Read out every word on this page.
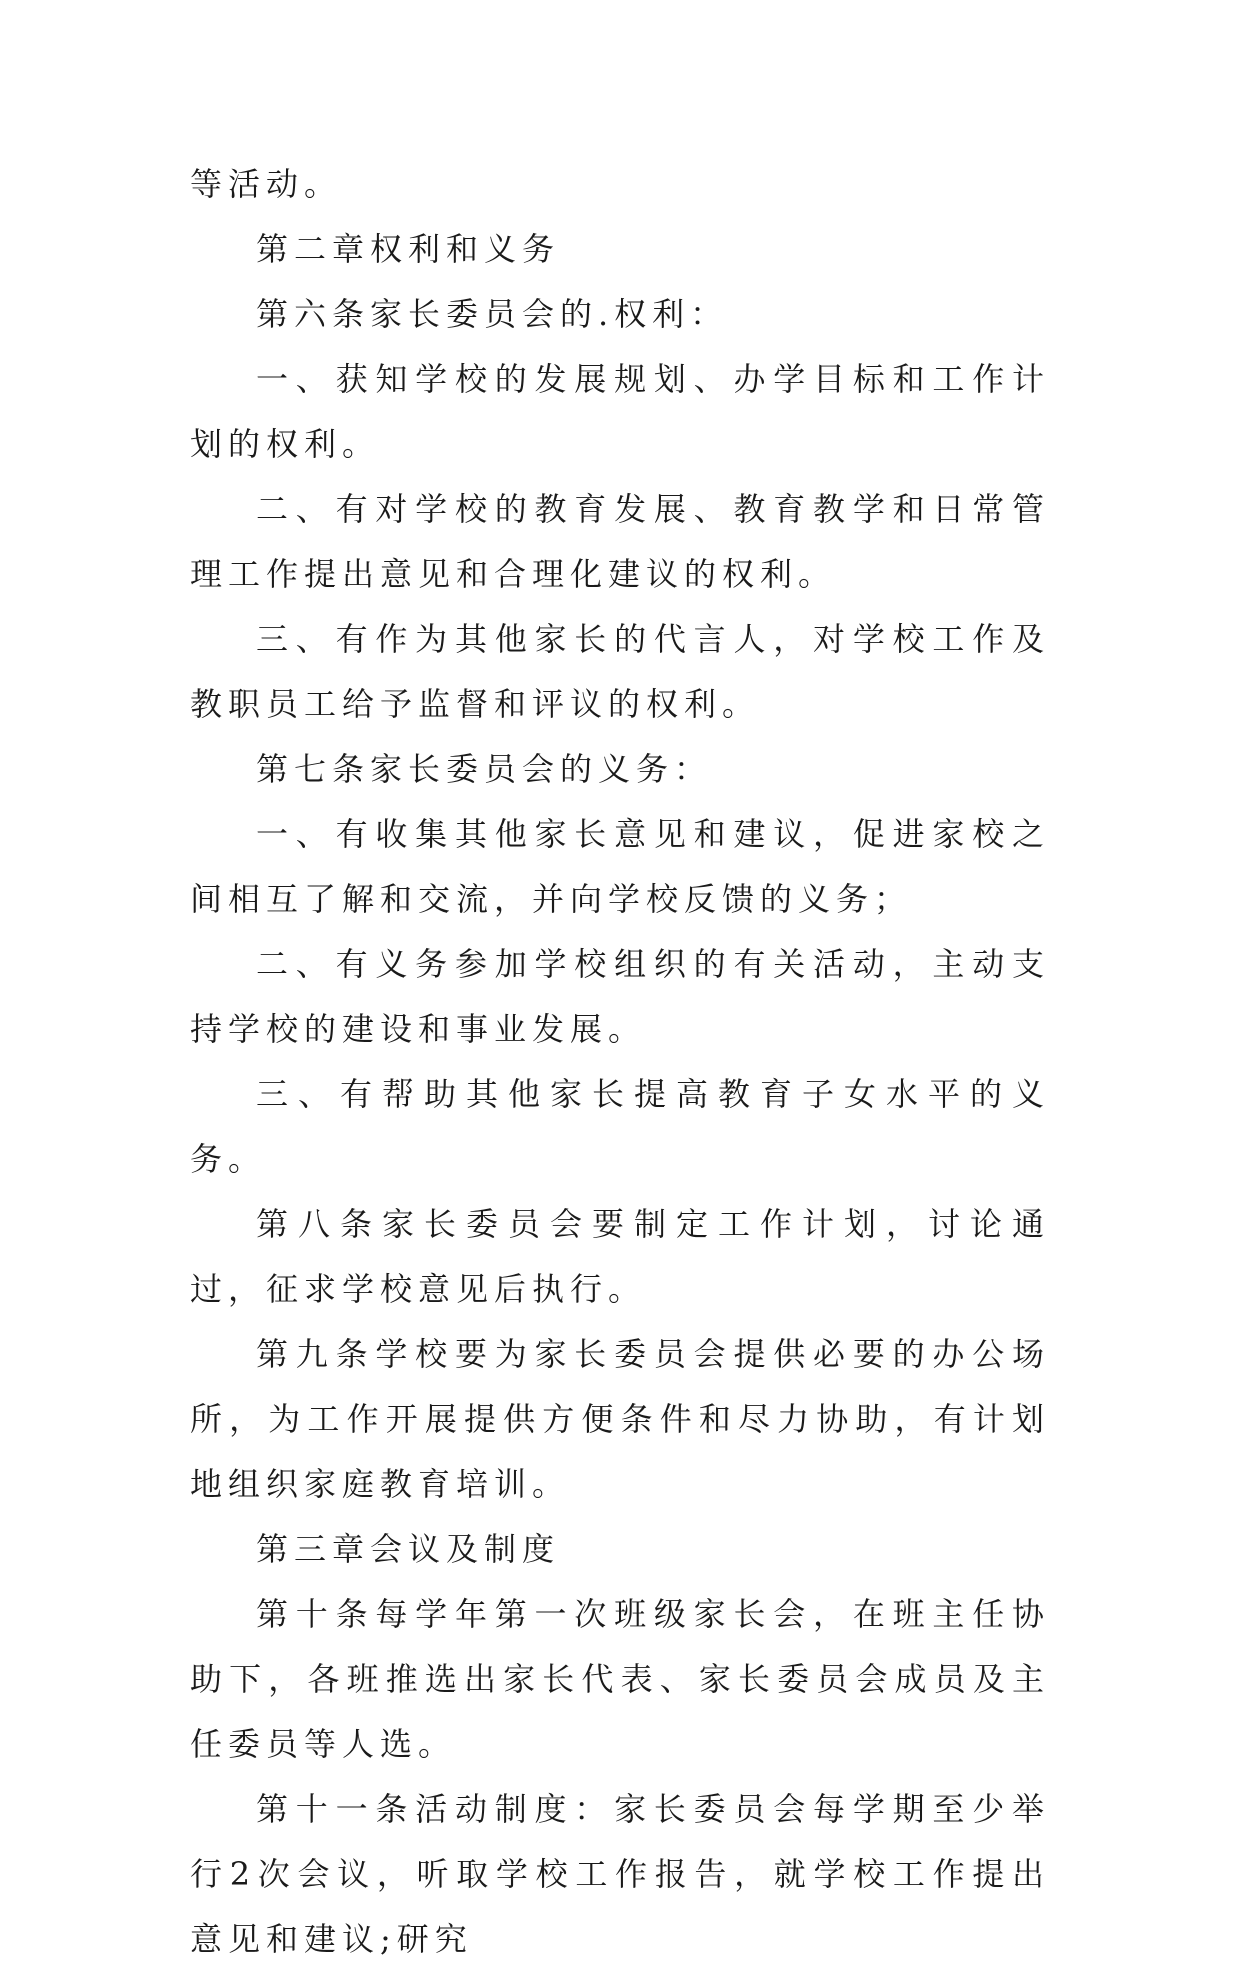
等活动。

第二章权利和义务

第六条家长委员会的.权利：

一、获知学校的发展规划、办学目标和工作计划的权利。

二、有对学校的教育发展、教育教学和日常管理工作提出意见和合理化建议的权利。

三、有作为其他家长的代言人，对学校工作及教职员工给予监督和评议的权利。

第七条家长委员会的义务：

一、有收集其他家长意见和建议，促进家校之间相互了解和交流，并向学校反馈的义务；

二、有义务参加学校组织的有关活动，主动支持学校的建设和事业发展。

三、有帮助其他家长提高教育子女水平的义务。

第八条家长委员会要制定工作计划，讨论通过，征求学校意见后执行。

第九条学校要为家长委员会提供必要的办公场所，为工作开展提供方便条件和尽力协助，有计划地组织家庭教育培训。

第三章会议及制度

第十条每学年第一次班级家长会，在班主任协助下，各班推选出家长代表、家长委员会成员及主任委员等人选。

第十一条活动制度：家长委员会每学期至少举行2次会议，听取学校工作报告，就学校工作提出意见和建议;研究
